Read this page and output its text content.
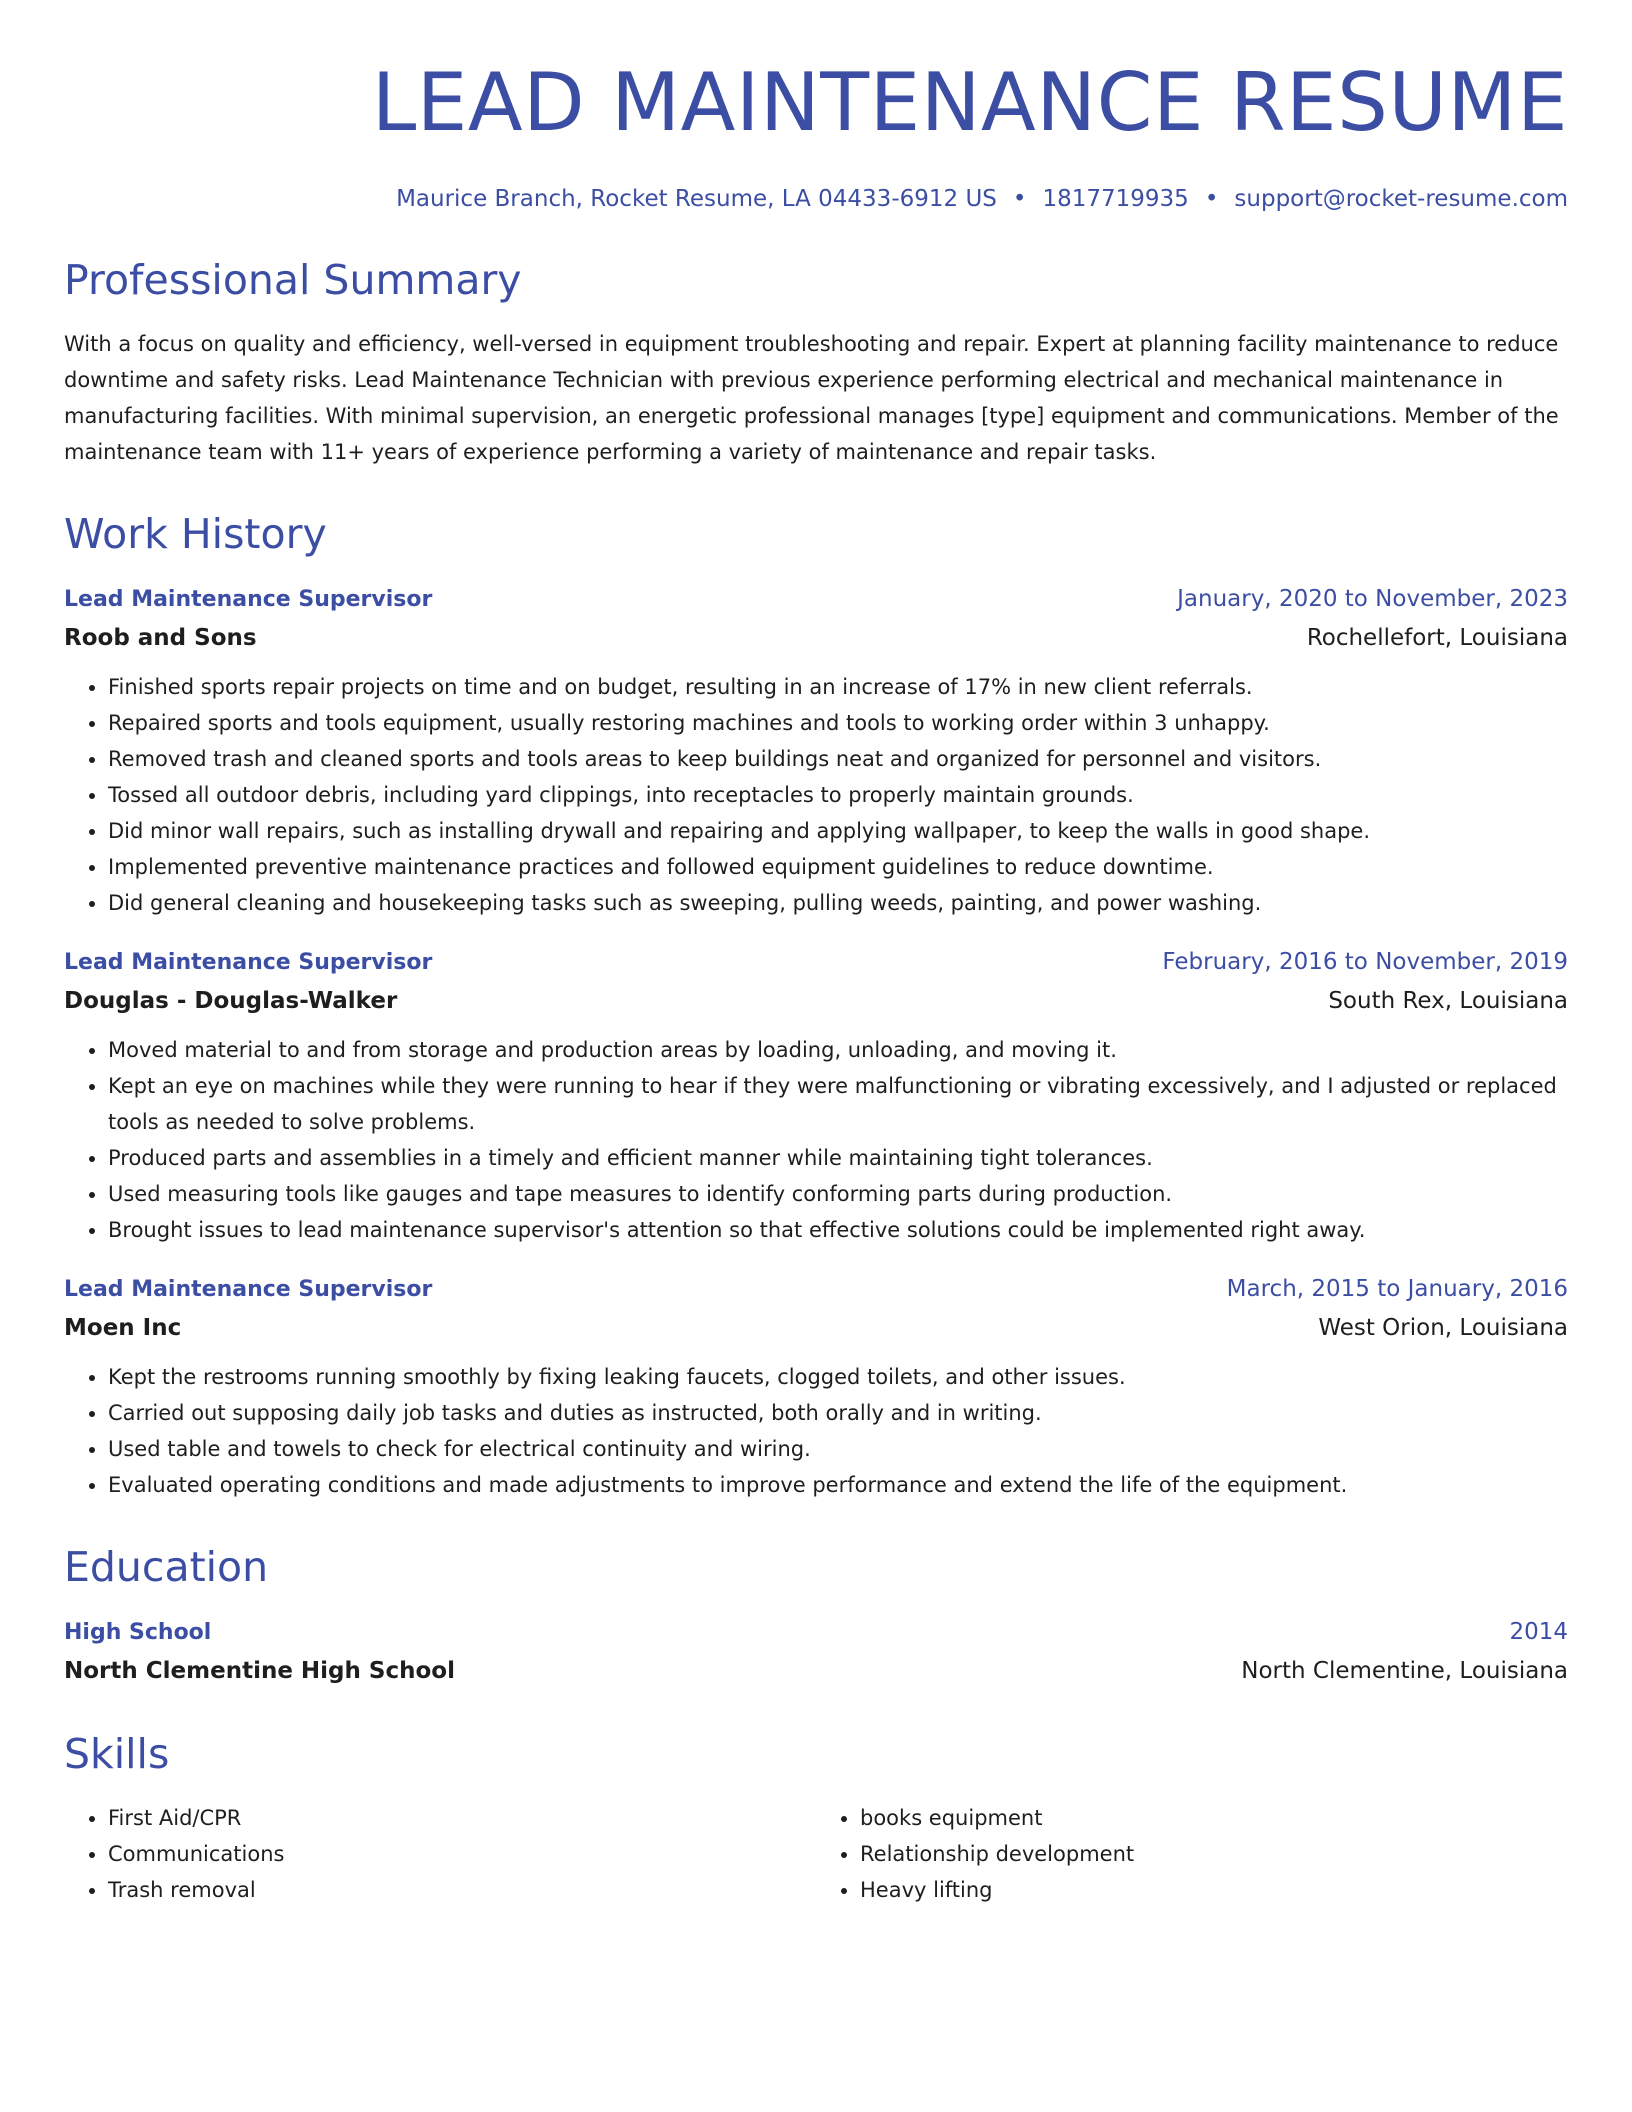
LEAD MAINTENANCE RESUME
Maurice Branch, Rocket Resume, LA 04433-6912 US • 1817719935 • support@rocket-resume.com
Professional Summary

With a focus on quality and efficiency, well-versed in equipment troubleshooting and repair. Expert at planning facility maintenance to reduce downtime and safety risks. Lead Maintenance Technician with previous experience performing electrical and mechanical maintenance in manufacturing facilities. With minimal supervision, an energetic professional manages [type] equipment and communications. Member of the maintenance team with 11+ years of experience performing a variety of maintenance and repair tasks.

Work History
Lead Maintenance Supervisor	January, 2020 to November, 2023
Roob and Sons	Rochellefort, Louisiana
• Finished sports repair projects on time and on budget, resulting in an increase of 17% in new client referrals.
• Repaired sports and tools equipment, usually restoring machines and tools to working order within 3 unhappy.
• Removed trash and cleaned sports and tools areas to keep buildings neat and organized for personnel and visitors.
• Tossed all outdoor debris, including yard clippings, into receptacles to properly maintain grounds.
• Did minor wall repairs, such as installing drywall and repairing and applying wallpaper, to keep the walls in good shape.
• Implemented preventive maintenance practices and followed equipment guidelines to reduce downtime.
• Did general cleaning and housekeeping tasks such as sweeping, pulling weeds, painting, and power washing.
Lead Maintenance Supervisor	February, 2016 to November, 2019
Douglas - Douglas-Walker	South Rex, Louisiana
• Moved material to and from storage and production areas by loading, unloading, and moving it.
• Kept an eye on machines while they were running to hear if they were malfunctioning or vibrating excessively, and I adjusted or replaced tools as needed to solve problems.
• Produced parts and assemblies in a timely and efficient manner while maintaining tight tolerances.
• Used measuring tools like gauges and tape measures to identify conforming parts during production.
• Brought issues to lead maintenance supervisor's attention so that effective solutions could be implemented right away.
Lead Maintenance Supervisor	March, 2015 to January, 2016
Moen Inc	West Orion, Louisiana
• Kept the restrooms running smoothly by fixing leaking faucets, clogged toilets, and other issues.
• Carried out supposing daily job tasks and duties as instructed, both orally and in writing.
• Used table and towels to check for electrical continuity and wiring.
• Evaluated operating conditions and made adjustments to improve performance and extend the life of the equipment.
Education
High School	2014
North Clementine High School	North Clementine, Louisiana
Skills
• First Aid/CPR
• Communications
• Trash removal
• books equipment
• Relationship development
• Heavy lifting
